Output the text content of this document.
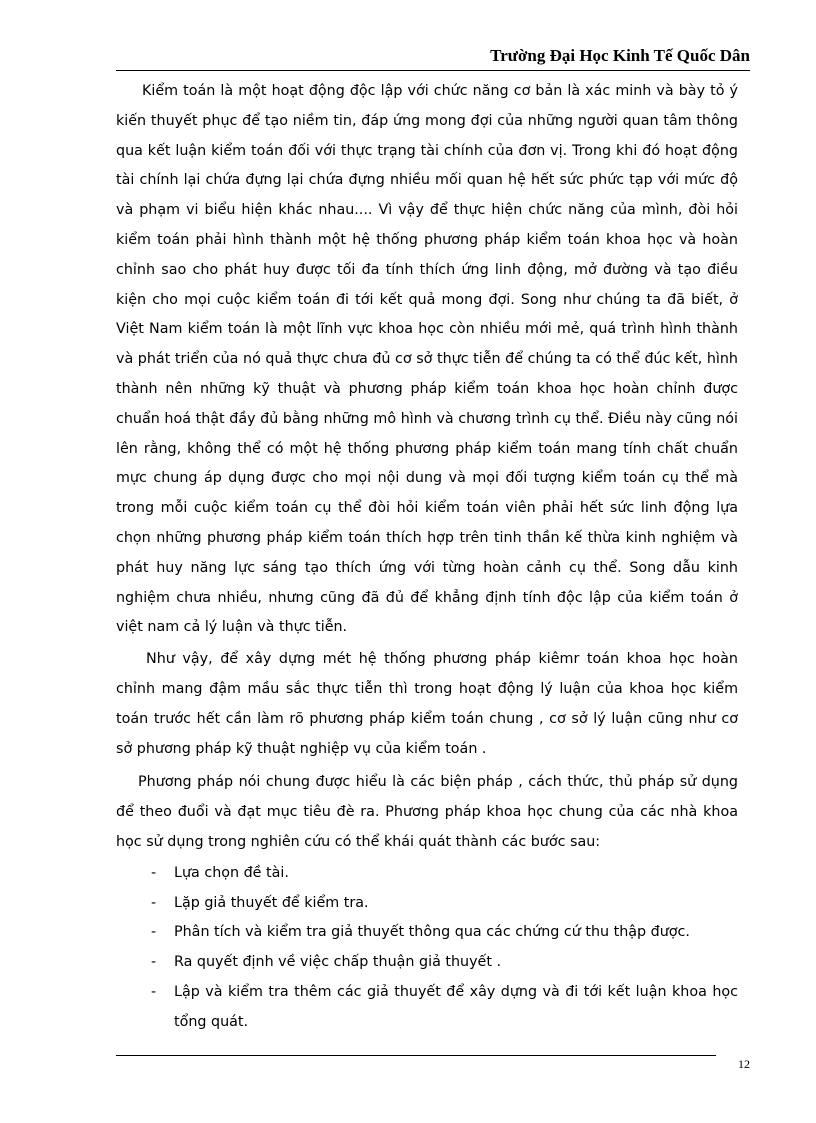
Trường Đại Học Kinh Tế Quốc Dân

Kiểm toán là một hoạt động độc lập với chức năng cơ bản là xác minh và bày tỏ ý kiến thuyết phục để tạo niềm tin, đáp ứng mong đợi của những người quan tâm thông qua kết luận kiểm toán đối với thực trạng tài chính của đơn vị. Trong khi đó hoạt động tài chính lại chứa đựng lại chứa đựng nhiều mối quan hệ hết sức phức tạp với mức độ và phạm vi biểu hiện khác nhau.... Vì vậy để thực hiện chức năng của mình, đòi hỏi kiểm toán phải hình thành một hệ thống phương pháp kiểm toán khoa học và hoàn chỉnh sao cho phát huy được tối đa tính thích ứng linh động, mở đường và tạo điều kiện cho mọi cuộc kiểm toán đi tới kết quả mong đợi. Song như chúng ta đã biết, ở Việt Nam kiểm toán là một lĩnh vực khoa học còn nhiều mới mẻ, quá trình hình thành và phát triển của nó quả thực chưa đủ cơ sở thực tiễn để chúng ta có thể đúc kết, hình thành nên những kỹ thuật và phương pháp kiểm toán khoa học hoàn chỉnh được chuẩn hoá thật đầy đủ bằng những mô hình và chương trình cụ thể. Điều này cũng nói lên rằng, không thể có một hệ thống phương pháp kiểm toán mang tính chất chuẩn mực chung áp dụng được cho mọi nội dung và mọi đối tượng kiểm toán cụ thể mà trong mỗi cuộc kiểm toán cụ thể đòi hỏi kiểm toán viên phải hết sức linh động lựa chọn những phương pháp kiểm toán thích hợp trên tinh thần kế thừa kinh nghiệm và phát huy năng lực sáng tạo thích ứng với từng hoàn cảnh cụ thể. Song dẫu kinh nghiệm chưa nhiều, nhưng cũng đã đủ để khẳng định tính độc lập của kiểm toán ở việt nam cả lý luận và thực tiễn.

Như vậy, để xây dựng mét hệ thống phương pháp kiêmr toán khoa học hoàn chỉnh mang đậm mầu sắc thực tiễn thì trong hoạt động lý luận của khoa học kiểm toán trước hết cần làm rõ phương pháp kiểm toán chung , cơ sở lý luận cũng như cơ sở phương pháp kỹ thuật nghiệp vụ của kiểm toán .

Phương pháp nói chung được hiểu là các biện pháp , cách thức, thủ pháp sử dụng để theo đuổi và đạt mục tiêu đè ra. Phương pháp khoa học chung của các nhà khoa học sử dụng trong nghiên cứu có thể khái quát thành các bước sau:

- Lựa chọn đề tài.
- Lặp giả thuyết để kiểm tra.
- Phân tích và kiểm tra giả thuyết thông qua các chứng cứ thu thập được.
- Ra quyết định về việc chấp thuận giả thuyết .
- Lập và kiểm tra thêm các giả thuyết để xây dựng và đi tới kết luận khoa học tổng quát.
12
